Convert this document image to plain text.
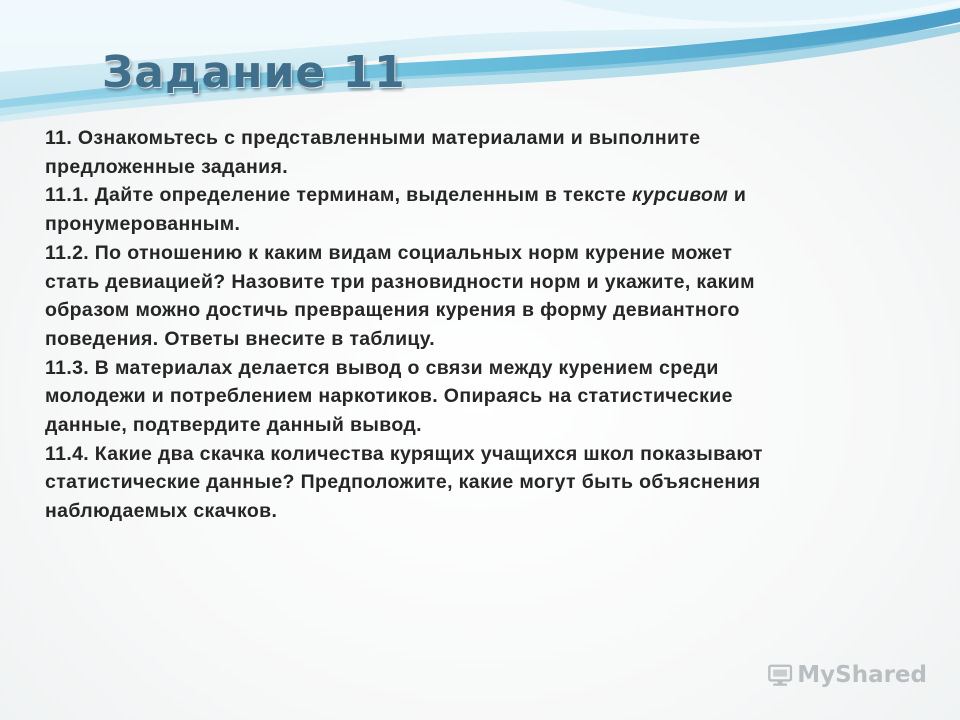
Задание 11
11. Ознакомьтесь с представленными материалами и выполните
предложенные задания.
11.1. Дайте определение терминам, выделенным в тексте курсивом и
пронумерованным.
11.2. По отношению к каким видам социальных норм курение может
стать девиацией? Назовите три разновидности норм и укажите, каким
образом можно достичь превращения курения в форму девиантного
поведения. Ответы внесите в таблицу.
11.3. В материалах делается вывод о связи между курением среди
молодежи и потреблением наркотиков. Опираясь на статистические
данные, подтвердите данный вывод.
11.4. Какие два скачка количества курящих учащихся школ показывают
статистические данные? Предположите, какие могут быть объяснения
наблюдаемых скачков.
MyShared
